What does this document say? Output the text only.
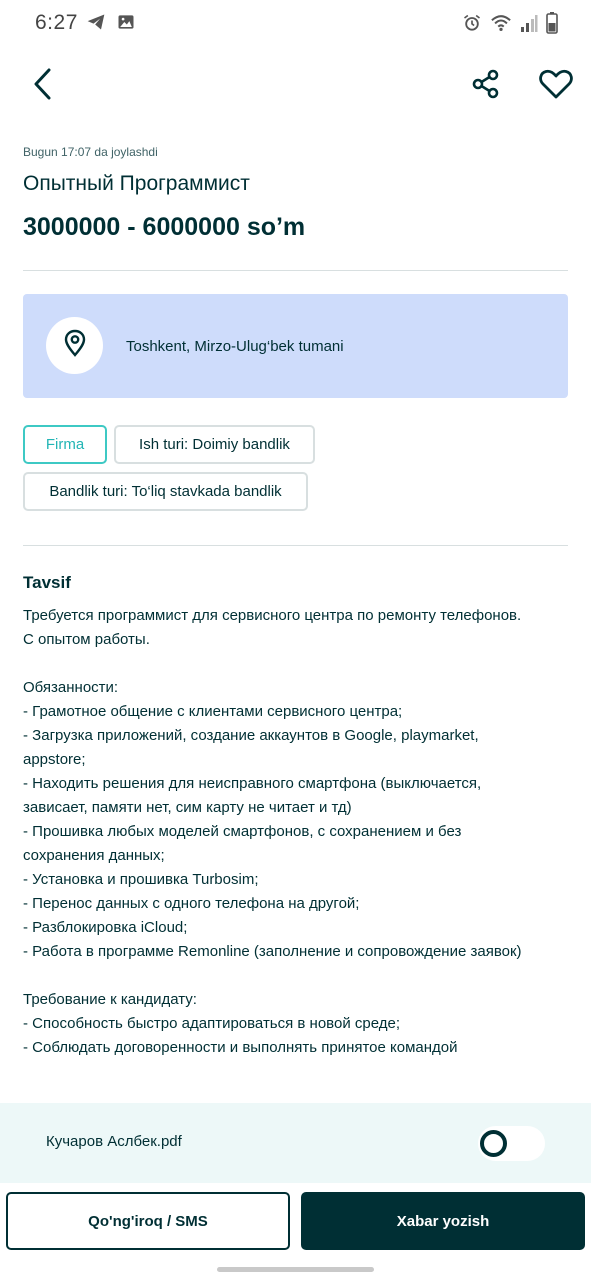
6:27
Bugun 17:07 da joylashdi
Опытный Программист
3000000 - 6000000 so’m
Toshkent, Mirzo-Ulug‘bek tumani
Firma	Ish turi: Doimiy bandlik
Bandlik turi: To‘liq stavkada bandlik
Tavsif
Требуется программист для сервисного центра по ремонту телефонов.
С опытом работы.

Обязанности:
- Грамотное общение с клиентами сервисного центра;
- Загрузка приложений, создание аккаунтов в Google, playmarket, appstore;
- Находить решения для неисправного смартфона (выключается, зависает, памяти нет, сим карту не читает и тд)
- Прошивка любых моделей смартфонов, с сохранением и без сохранения данных;
- Установка и прошивка Turbosim;
- Перенос данных с одного телефона на другой;
- Разблокировка iCloud;
- Работа в программе Remonline (заполнение и сопровождение заявок)

Требование к кандидату:
- Способность быстро адаптироваться в новой среде;
- Соблюдать договоренности и выполнять принятое командой
Кучаров Аслбек.pdf
Qo'ng'iroq / SMS	Xabar yozish
